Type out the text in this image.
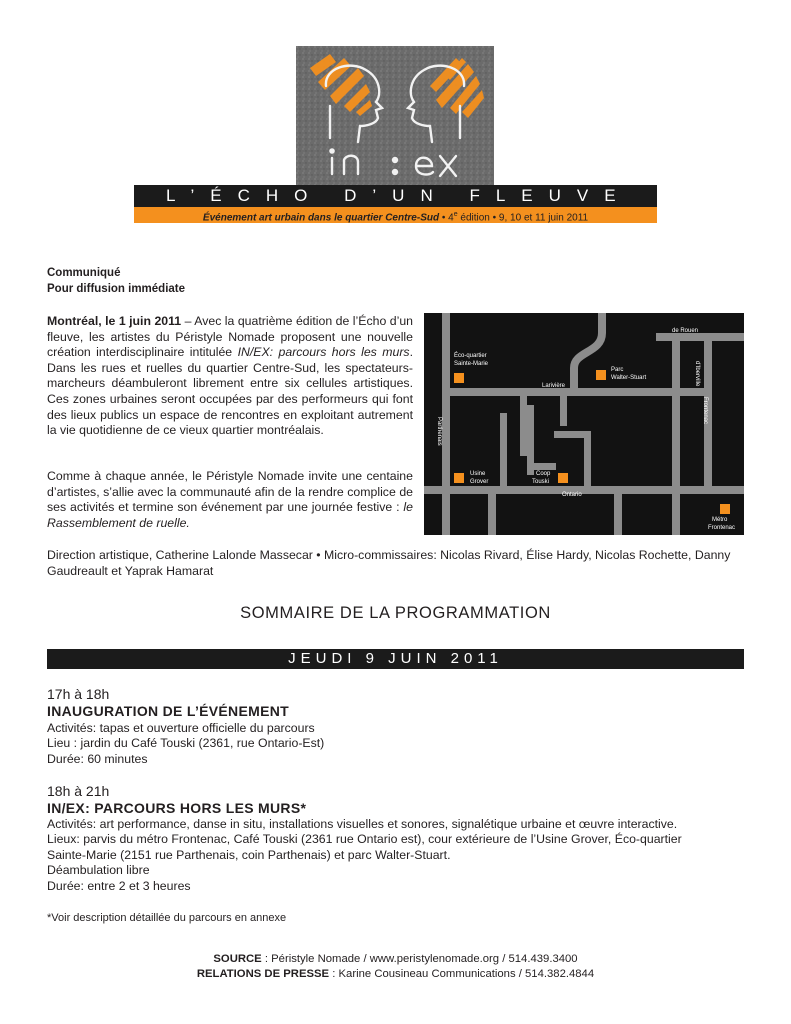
L’ÉCHO D’UN FLEUVE
Événement art urbain dans le quartier Centre-Sud • 4e édition • 9, 10 et 11 juin 2011
Communiqué
Pour diffusion immédiate
Montréal, le 1 juin 2011 – Avec la quatrième édition de l’Écho d’un fleuve, les artistes du Péristyle Nomade proposent une nouvelle création interdisciplinaire intitulée IN/EX: parcours hors les murs. Dans les rues et ruelles du quartier Centre-Sud, les spectateurs-marcheurs déambuleront librement entre six cellules artistiques. Ces zones urbaines seront occupées par des performeurs qui font des lieux publics un espace de rencontres en exploitant autrement la vie quotidienne de ce vieux quartier montréalais.
Comme à chaque année, le Péristyle Nomade invite une centaine d’artistes, s’allie avec la communauté afin de la rendre complice de ses activités et termine son événement par une journée festive : le Rassemblement de ruelle.
Direction artistique, Catherine Lalonde Massecar • Micro-commissaires: Nicolas Rivard, Élise Hardy, Nicolas Rochette, Danny Gaudreault et Yaprak Hamarat
de Rouen
Larivière
Ontario
d’Iberville
Frontenac
Parthenais
Éco-quartier
Sainte-Marie
Parc
Walter-Stuart
Usine
Grover
Coop
Touski
Métro
Frontenac
SOMMAIRE DE LA PROGRAMMATION
JEUDI 9 JUIN 2011
17h à 18h
INAUGURATION DE L’ÉVÉNEMENT
Activités: tapas et ouverture officielle du parcours
Lieu : jardin du Café Touski (2361, rue Ontario-Est)
Durée: 60 minutes
18h à 21h
IN/EX: PARCOURS HORS LES MURS*
Activités: art performance, danse in situ, installations visuelles et sonores, signalétique urbaine et œuvre interactive.
Lieux: parvis du métro Frontenac, Café Touski (2361 rue Ontario est), cour extérieure de l’Usine Grover, Éco-quartier
Sainte-Marie (2151 rue Parthenais, coin Parthenais) et parc Walter-Stuart.
Déambulation libre
Durée: entre 2 et 3 heures
*Voir description détaillée du parcours en annexe
SOURCE : Péristyle Nomade / www.peristylenomade.org / 514.439.3400
RELATIONS DE PRESSE : Karine Cousineau Communications / 514.382.4844
